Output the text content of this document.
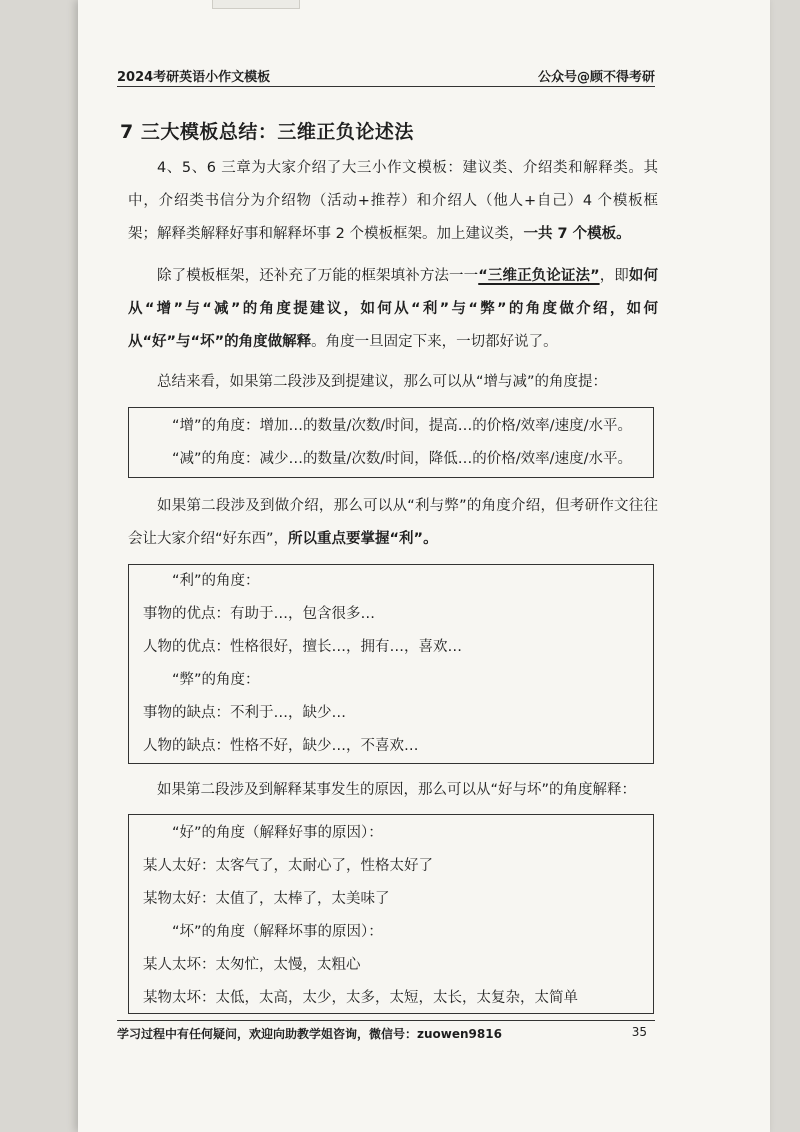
2024考研英语小作文模板	公众号@顾不得考研
7 三大模板总结：三维正负论述法
4、5、6 三章为大家介绍了大三小作文模板：建议类、介绍类和解释类。其中，介绍类书信分为介绍物（活动+推荐）和介绍人（他人+自己）4 个模板框架；解释类解释好事和解释坏事 2 个模板框架。加上建议类，一共 7 个模板。
除了模板框架，还补充了万能的框架填补方法一一“三维正负论证法”，即如何从“增”与“减”的角度提建议，如何从“利”与“弊”的角度做介绍，如何从“好”与“坏”的角度做解释。角度一旦固定下来，一切都好说了。
总结来看，如果第二段涉及到提建议，那么可以从“增与减”的角度提：
“增”的角度：增加…的数量/次数/时间，提高…的价格/效率/速度/水平。
“减”的角度：减少…的数量/次数/时间，降低…的价格/效率/速度/水平。
如果第二段涉及到做介绍，那么可以从“利与弊”的角度介绍，但考研作文往往会让大家介绍“好东西”，所以重点要掌握“利”。
“利”的角度：
事物的优点：有助于…，包含很多…
人物的优点：性格很好，擅长…，拥有…，喜欢…
“弊”的角度：
事物的缺点：不利于…，缺少…
人物的缺点：性格不好，缺少…，不喜欢…
如果第二段涉及到解释某事发生的原因，那么可以从“好与坏”的角度解释：
“好”的角度（解释好事的原因）：
某人太好：太客气了，太耐心了，性格太好了
某物太好：太值了，太棒了，太美味了
“坏”的角度（解释坏事的原因）：
某人太坏：太匆忙，太慢，太粗心
某物太坏：太低，太高，太少，太多，太短，太长，太复杂，太简单
学习过程中有任何疑问，欢迎向助教学姐咨询，微信号：zuowen9816	35
